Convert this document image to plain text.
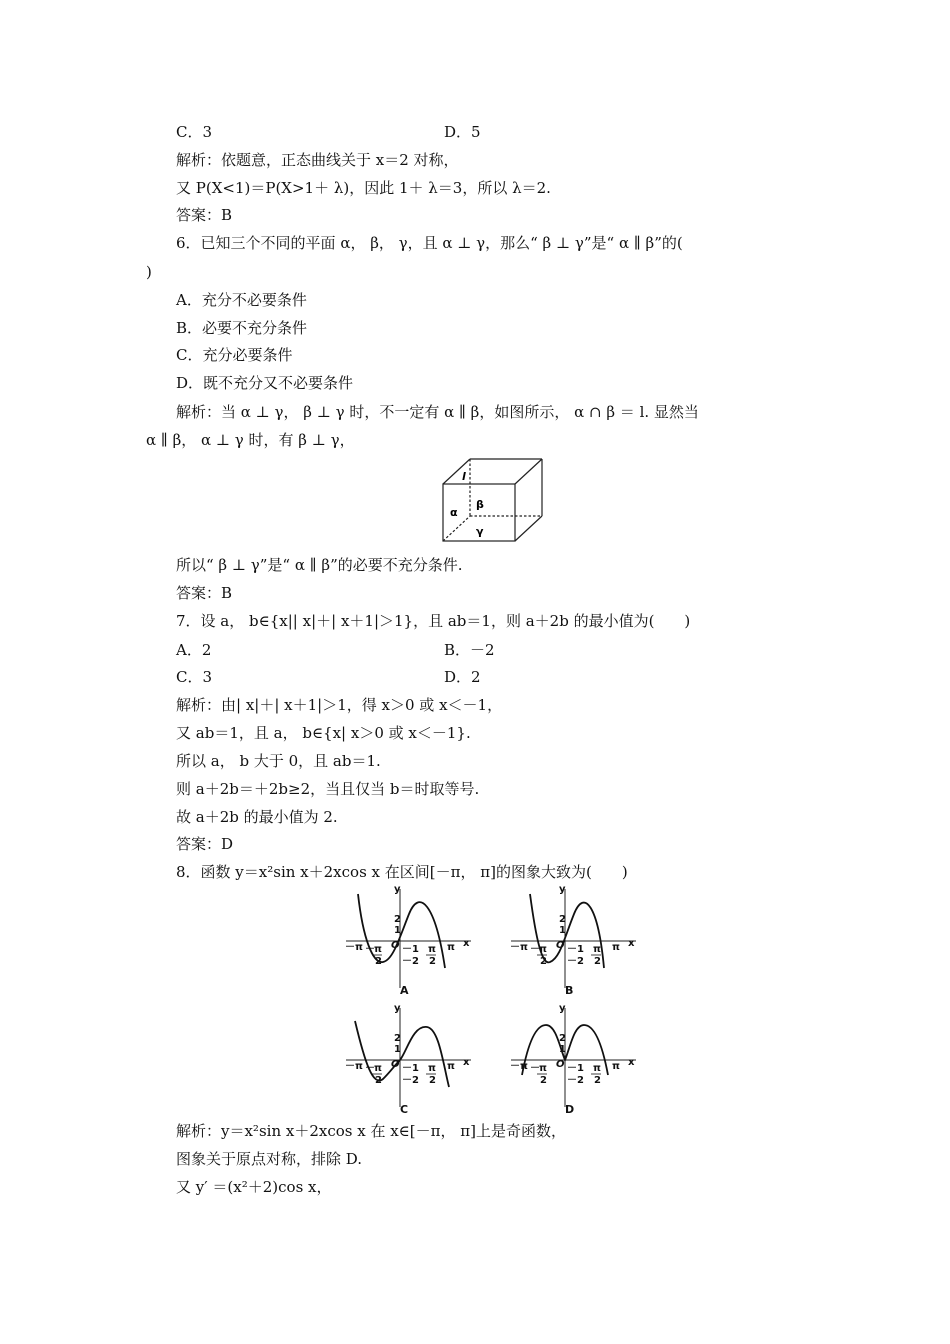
C．3	D．5
解析：依题意，正态曲线关于 x＝2 对称，
又 P(X<1)＝P(X>1＋ λ)，因此 1＋ λ＝3，所以 λ＝2.
答案：B
6．已知三个不同的平面 α， β， γ，且 α ⊥ γ，那么“ β ⊥ γ”是“ α ∥ β”的(
)
A．充分不必要条件
B．必要不充分条件
C．充分必要条件
D．既不充分又不必要条件
解析：当 α ⊥ γ， β ⊥ γ 时，不一定有 α ∥ β，如图所示， α ∩ β ＝ l. 显然当
α ∥ β， α ⊥ γ 时，有 β ⊥ γ，
l
α
β
γ
所以“ β ⊥ γ”是“ α ∥ β”的必要不充分条件.
答案：B
7．设 a， b∈{x|| x|＋| x＋1|＞1}，且 ab＝1，则 a＋2b 的最小值为(　　)
A．2	B．－2
C．3	D．2
解析：由| x|＋| x＋1|＞1，得 x＞0 或 x＜－1，
又 ab＝1，且 a， b∈{x| x＞0 或 x＜－1}.
所以 a， b 大于 0，且 ab＝1.
则 a＋2b＝＋2b≥2，当且仅当 b＝时取等号.
故 a＋2b 的最小值为 2.
答案：D
8．函数 y＝x²sin x＋2xcos x 在区间[－π， π]的图象大致为(　　)
y
x
O
－π	π
2
1
－1
－2
－ π
2
π
2
A
y
x
O
－π	π
2
1
－1
－2
－ π
2
π
2
B
y
x
O
－π	π
2
1
－1
－2
－ π
2
π
2
C
y
x
O
－π	π
2
1
－1
－2
－ π
2
π
2
D
解析：y＝x²sin x＋2xcos x 在 x∈[－π， π]上是奇函数，
图象关于原点对称，排除 D.
又 y′ ＝(x²＋2)cos x，
